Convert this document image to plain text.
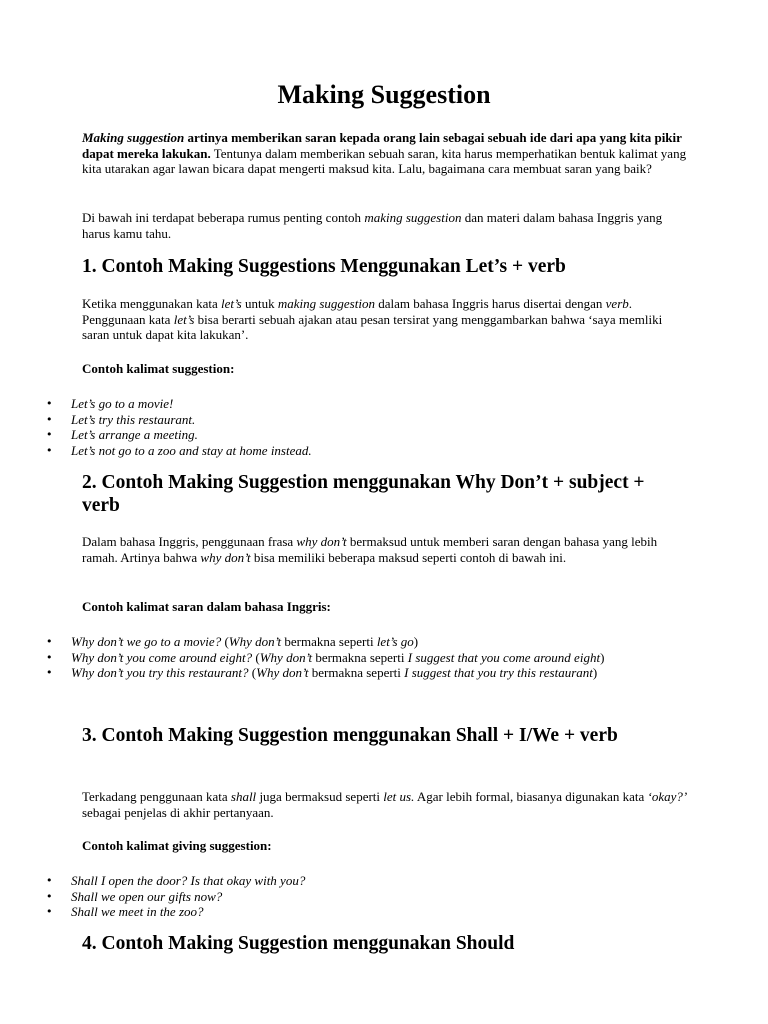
Making Suggestion

Making suggestion artinya memberikan saran kepada orang lain sebagai sebuah ide dari apa yang kita pikir dapat mereka lakukan. Tentunya dalam memberikan sebuah saran, kita harus memperhatikan bentuk kalimat yang kita utarakan agar lawan bicara dapat mengerti maksud kita. Lalu, bagaimana cara membuat saran yang baik?

Di bawah ini terdapat beberapa rumus penting contoh making suggestion dan materi dalam bahasa Inggris yang harus kamu tahu.

1. Contoh Making Suggestions Menggunakan Let’s + verb

Ketika menggunakan kata let’s untuk making suggestion dalam bahasa Inggris harus disertai dengan verb. Penggunaan kata let’s bisa berarti sebuah ajakan atau pesan tersirat yang menggambarkan bahwa ‘saya memliki saran untuk dapat kita lakukan’.

Contoh kalimat suggestion:

• Let’s go to a movie!
• Let’s try this restaurant.
• Let’s arrange a meeting.
• Let’s not go to a zoo and stay at home instead.
2. Contoh Making Suggestion menggunakan Why Don’t + subject + verb

Dalam bahasa Inggris, penggunaan frasa why don’t bermaksud untuk memberi saran dengan bahasa yang lebih ramah. Artinya bahwa why don’t bisa memiliki beberapa maksud seperti contoh di bawah ini.

Contoh kalimat saran dalam bahasa Inggris:

• Why don’t we go to a movie? (Why don’t bermakna seperti let’s go)
• Why don’t you come around eight? (Why don’t bermakna seperti I suggest that you come around eight)
• Why don’t you try this restaurant? (Why don’t bermakna seperti I suggest that you try this restaurant)
3. Contoh Making Suggestion menggunakan Shall + I/We + verb

Terkadang penggunaan kata shall juga bermaksud seperti let us. Agar lebih formal, biasanya digunakan kata ‘okay?’ sebagai penjelas di akhir pertanyaan.

Contoh kalimat giving suggestion:

• Shall I open the door? Is that okay with you?
• Shall we open our gifts now?
• Shall we meet in the zoo?
4. Contoh Making Suggestion menggunakan Should
